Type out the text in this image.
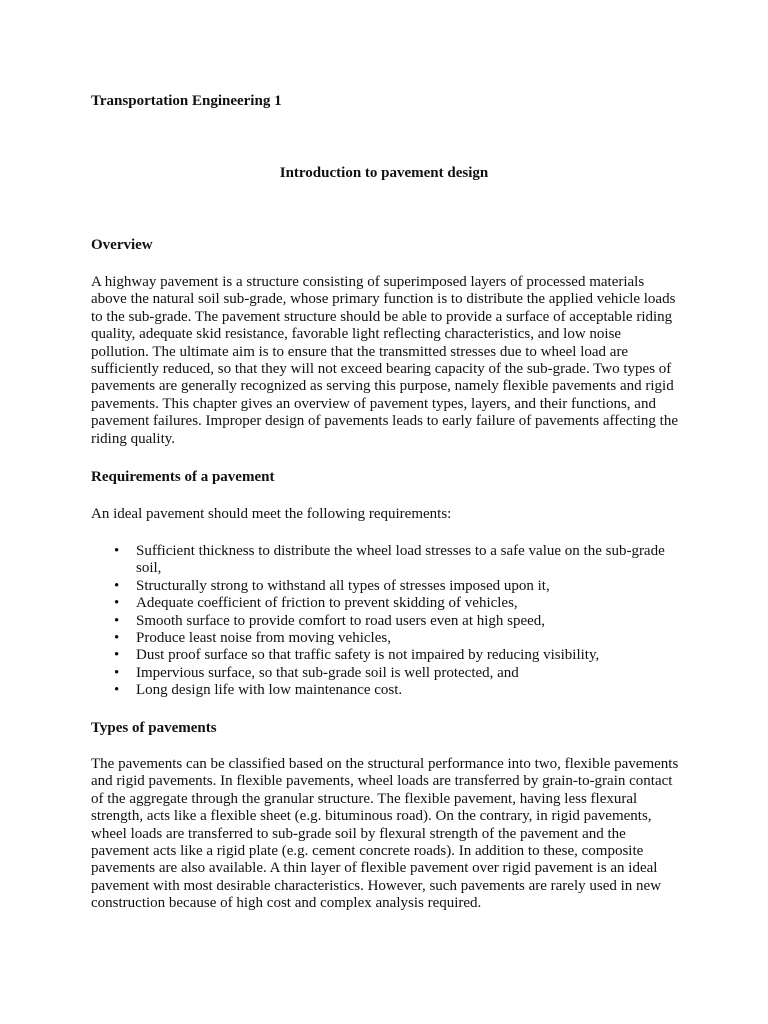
Transportation Engineering 1

Introduction to pavement design

Overview

A highway pavement is a structure consisting of superimposed layers of processed materials above the natural soil sub-grade, whose primary function is to distribute the applied vehicle loads to the sub-grade. The pavement structure should be able to provide a surface of acceptable riding quality, adequate skid resistance, favorable light reflecting characteristics, and low noise pollution. The ultimate aim is to ensure that the transmitted stresses due to wheel load are sufficiently reduced, so that they will not exceed bearing capacity of the sub-grade. Two types of pavements are generally recognized as serving this purpose, namely flexible pavements and rigid pavements. This chapter gives an overview of pavement types, layers, and their functions, and pavement failures. Improper design of pavements leads to early failure of pavements affecting the riding quality.

Requirements of a pavement

An ideal pavement should meet the following requirements:

• Sufficient thickness to distribute the wheel load stresses to a safe value on the sub-grade soil,
• Structurally strong to withstand all types of stresses imposed upon it,
• Adequate coefficient of friction to prevent skidding of vehicles,
• Smooth surface to provide comfort to road users even at high speed,
• Produce least noise from moving vehicles,
• Dust proof surface so that traffic safety is not impaired by reducing visibility,
• Impervious surface, so that sub-grade soil is well protected, and
• Long design life with low maintenance cost.

Types of pavements

The pavements can be classified based on the structural performance into two, flexible pavements and rigid pavements. In flexible pavements, wheel loads are transferred by grain-to-grain contact of the aggregate through the granular structure. The flexible pavement, having less flexural strength, acts like a flexible sheet (e.g. bituminous road). On the contrary, in rigid pavements, wheel loads are transferred to sub-grade soil by flexural strength of the pavement and the pavement acts like a rigid plate (e.g. cement concrete roads). In addition to these, composite pavements are also available. A thin layer of flexible pavement over rigid pavement is an ideal pavement with most desirable characteristics. However, such pavements are rarely used in new construction because of high cost and complex analysis required.
